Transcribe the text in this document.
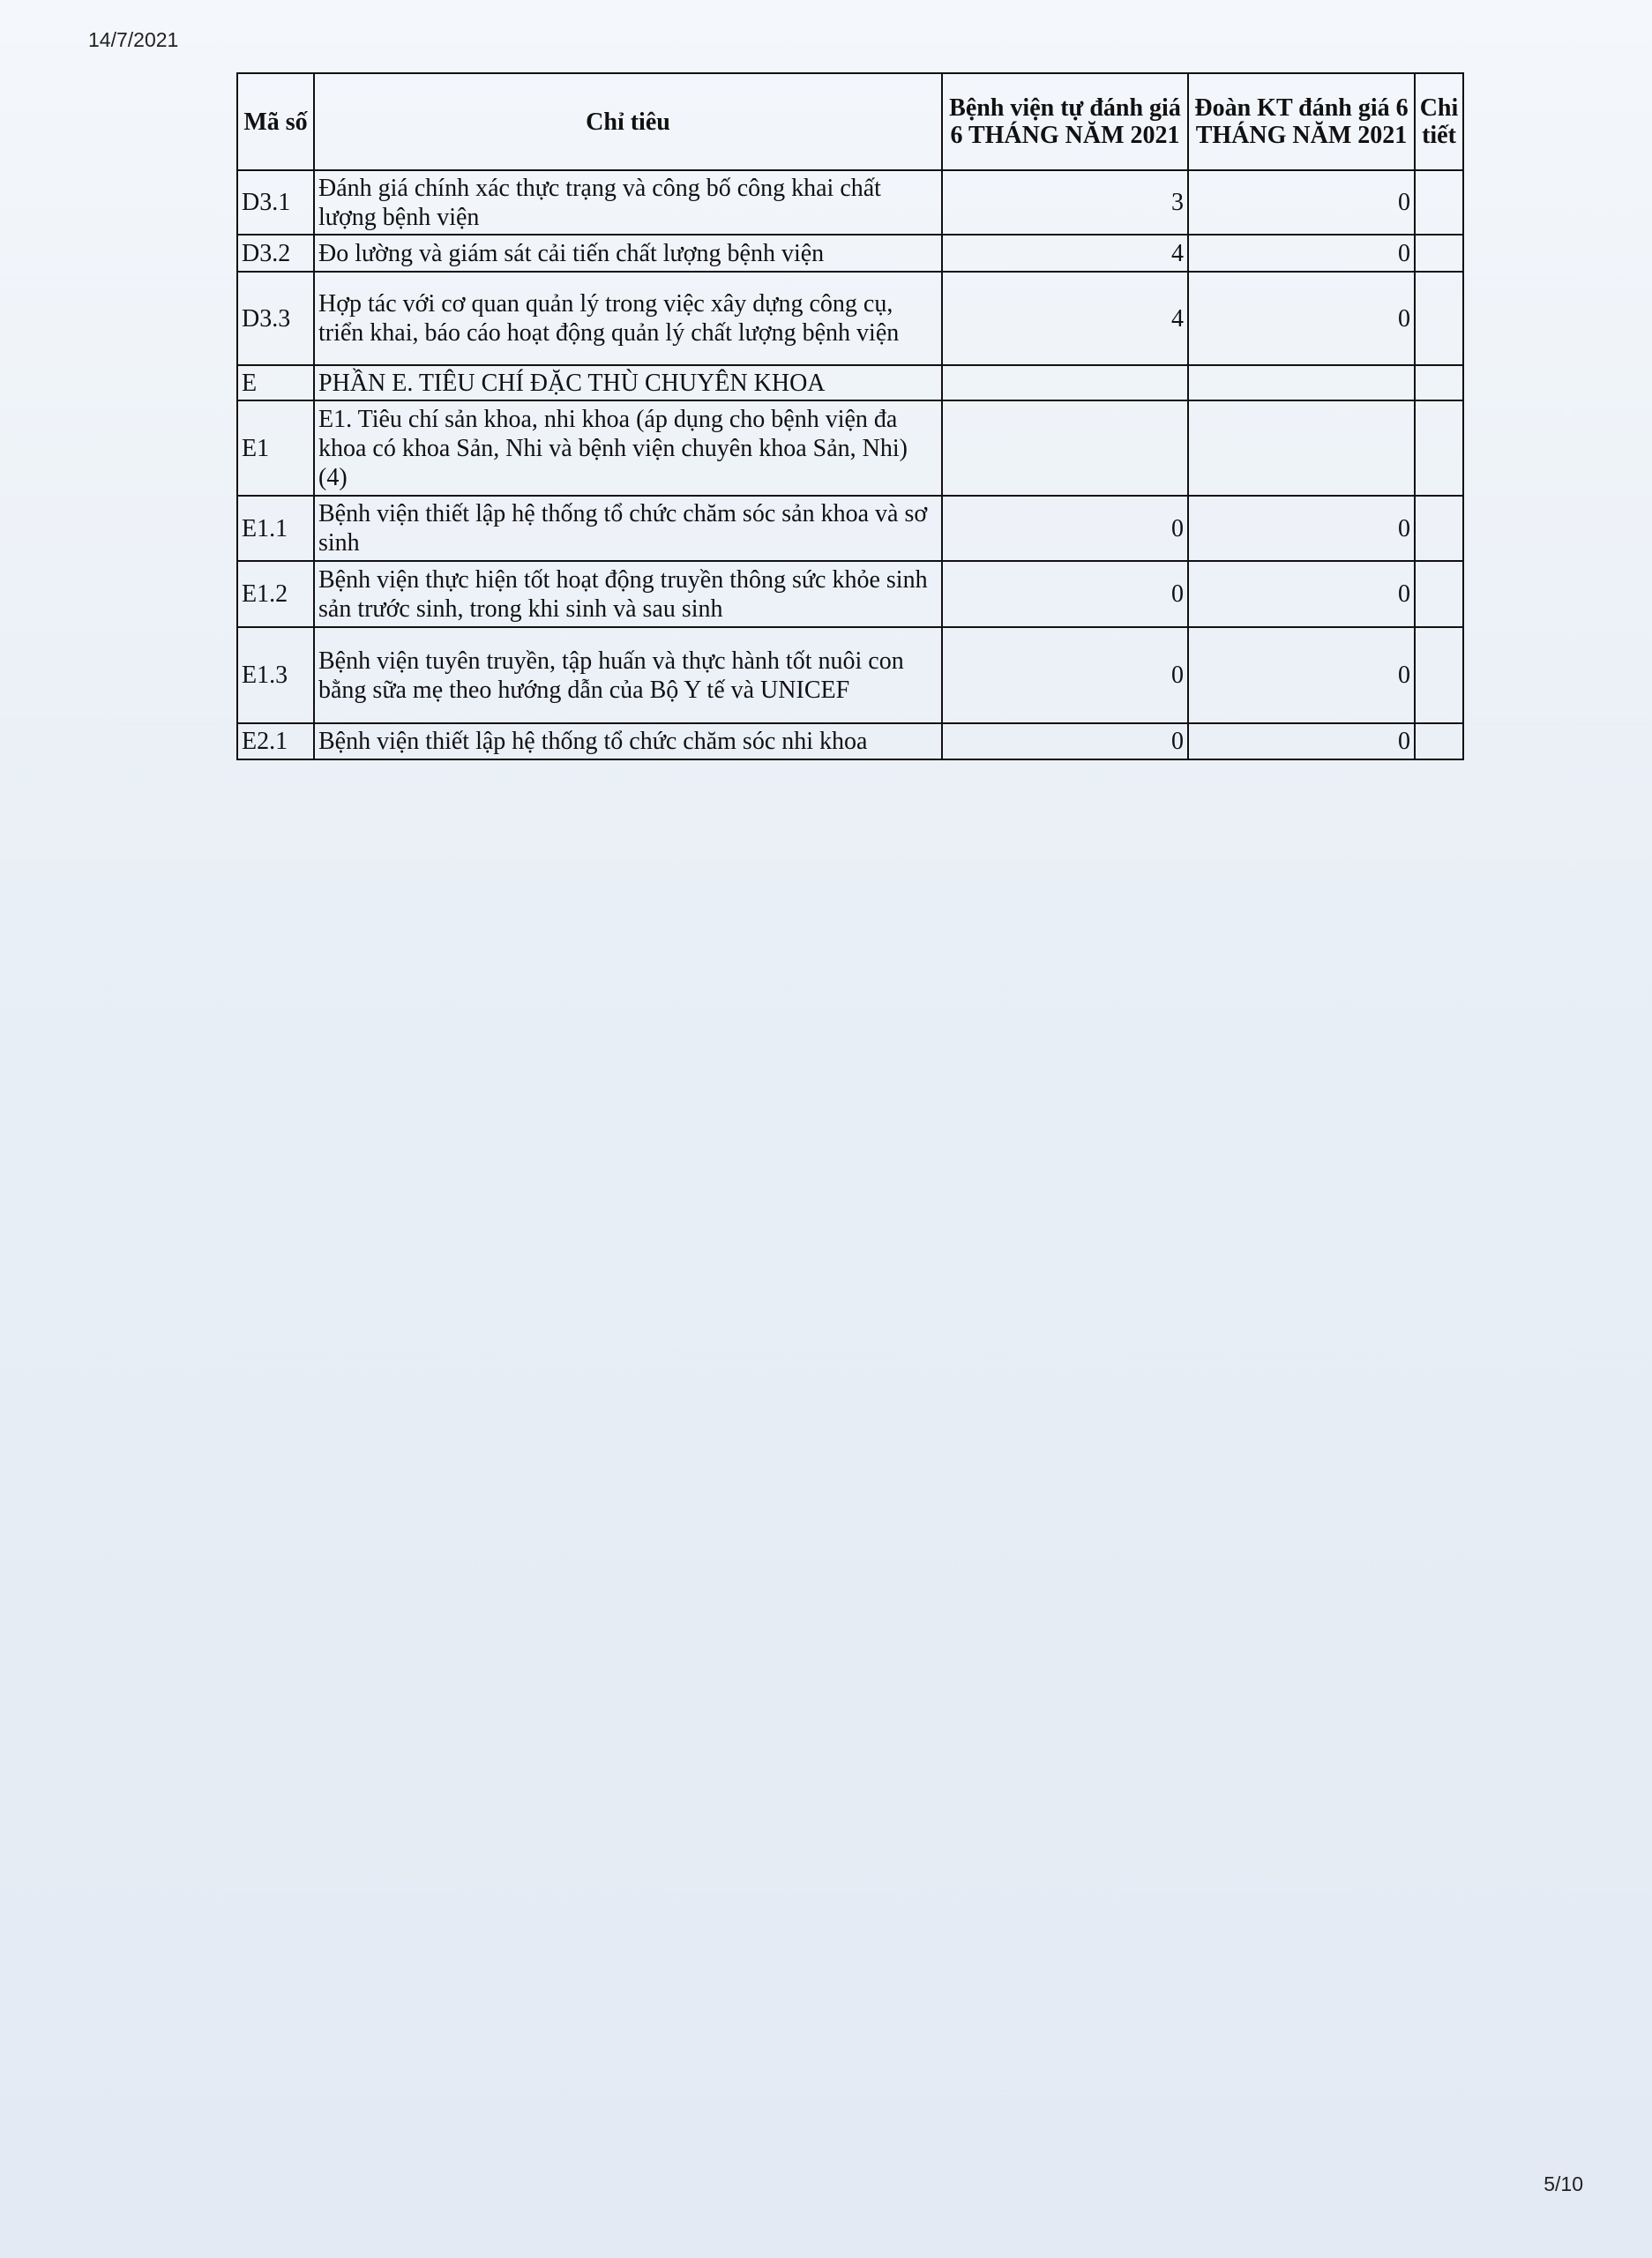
14/7/2021
Mã số	Chỉ tiêu	Bệnh viện tự đánh giá 6 THÁNG NĂM 2021	Đoàn KT đánh giá 6 THÁNG NĂM 2021	Chi tiết
D3.1	Đánh giá chính xác thực trạng và công bố công khai chất lượng bệnh viện	3	0	
D3.2	Đo lường và giám sát cải tiến chất lượng bệnh viện	4	0	
D3.3	Hợp tác với cơ quan quản lý trong việc xây dựng công cụ, triển khai, báo cáo hoạt động quản lý chất lượng bệnh viện	4	0	
E	PHẦN E. TIÊU CHÍ ĐẶC THÙ CHUYÊN KHOA			
E1	E1. Tiêu chí sản khoa, nhi khoa (áp dụng cho bệnh viện đa khoa có khoa Sản, Nhi và bệnh viện chuyên khoa Sản, Nhi) (4)			
E1.1	Bệnh viện thiết lập hệ thống tổ chức chăm sóc sản khoa và sơ sinh	0	0	
E1.2	Bệnh viện thực hiện tốt hoạt động truyền thông sức khỏe sinh sản trước sinh, trong khi sinh và sau sinh	0	0	
E1.3	Bệnh viện tuyên truyền, tập huấn và thực hành tốt nuôi con bằng sữa mẹ theo hướng dẫn của Bộ Y tế và UNICEF	0	0	
E2.1	Bệnh viện thiết lập hệ thống tổ chức chăm sóc nhi khoa	0	0	
5/10
